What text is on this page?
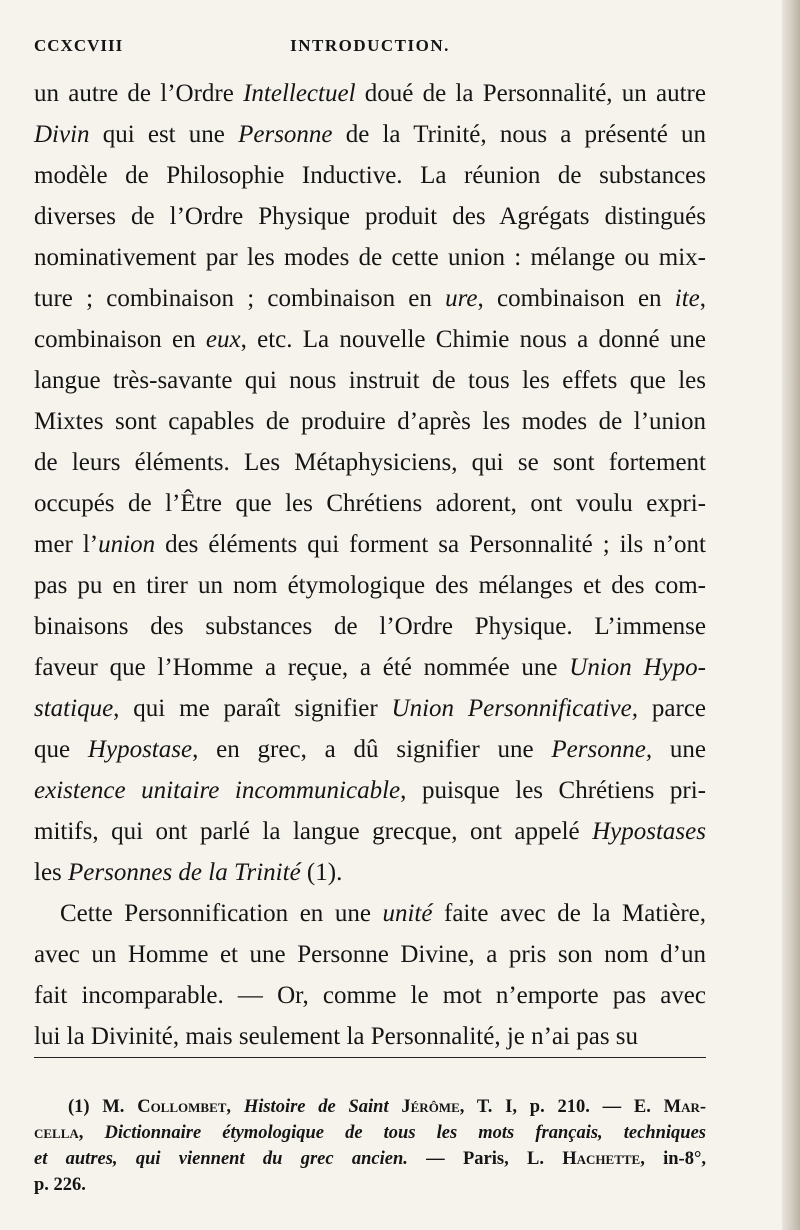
CCXCVIII	INTRODUCTION.
un autre de l’Ordre Intellectuel doué de la Personnalité, un autre
Divin qui est une Personne de la Trinité, nous a présenté un
modèle de Philosophie Inductive. La réunion de substances
diverses de l’Ordre Physique produit des Agrégats distingués
nominativement par les modes de cette union : mélange ou mix-
ture ; combinaison ; combinaison en ure, combinaison en ite,
combinaison en eux, etc. La nouvelle Chimie nous a donné une
langue très-savante qui nous instruit de tous les effets que les
Mixtes sont capables de produire d’après les modes de l’union
de leurs éléments. Les Métaphysiciens, qui se sont fortement
occupés de l’Être que les Chrétiens adorent, ont voulu expri-
mer l’union des éléments qui forment sa Personnalité ; ils n’ont
pas pu en tirer un nom étymologique des mélanges et des com-
binaisons des substances de l’Ordre Physique. L’immense
faveur que l’Homme a reçue, a été nommée une Union Hypo-
statique, qui me paraît signifier Union Personnificative, parce
que Hypostase, en grec, a dû signifier une Personne, une
existence unitaire incommunicable, puisque les Chrétiens pri-
mitifs, qui ont parlé la langue grecque, ont appelé Hypostases
les Personnes de la Trinité (1).
Cette Personnification en une unité faite avec de la Matière,
avec un Homme et une Personne Divine, a pris son nom d’un
fait incomparable. — Or, comme le mot n’emporte pas avec
lui la Divinité, mais seulement la Personnalité, je n’ai pas su
(1) M. Collombet, Histoire de Saint Jérôme, T. I, p. 210. — E. Mar-
cella, Dictionnaire étymologique de tous les mots français, techniques
et autres, qui viennent du grec ancien. — Paris, L. Hachette, in-8°,
p. 226.
